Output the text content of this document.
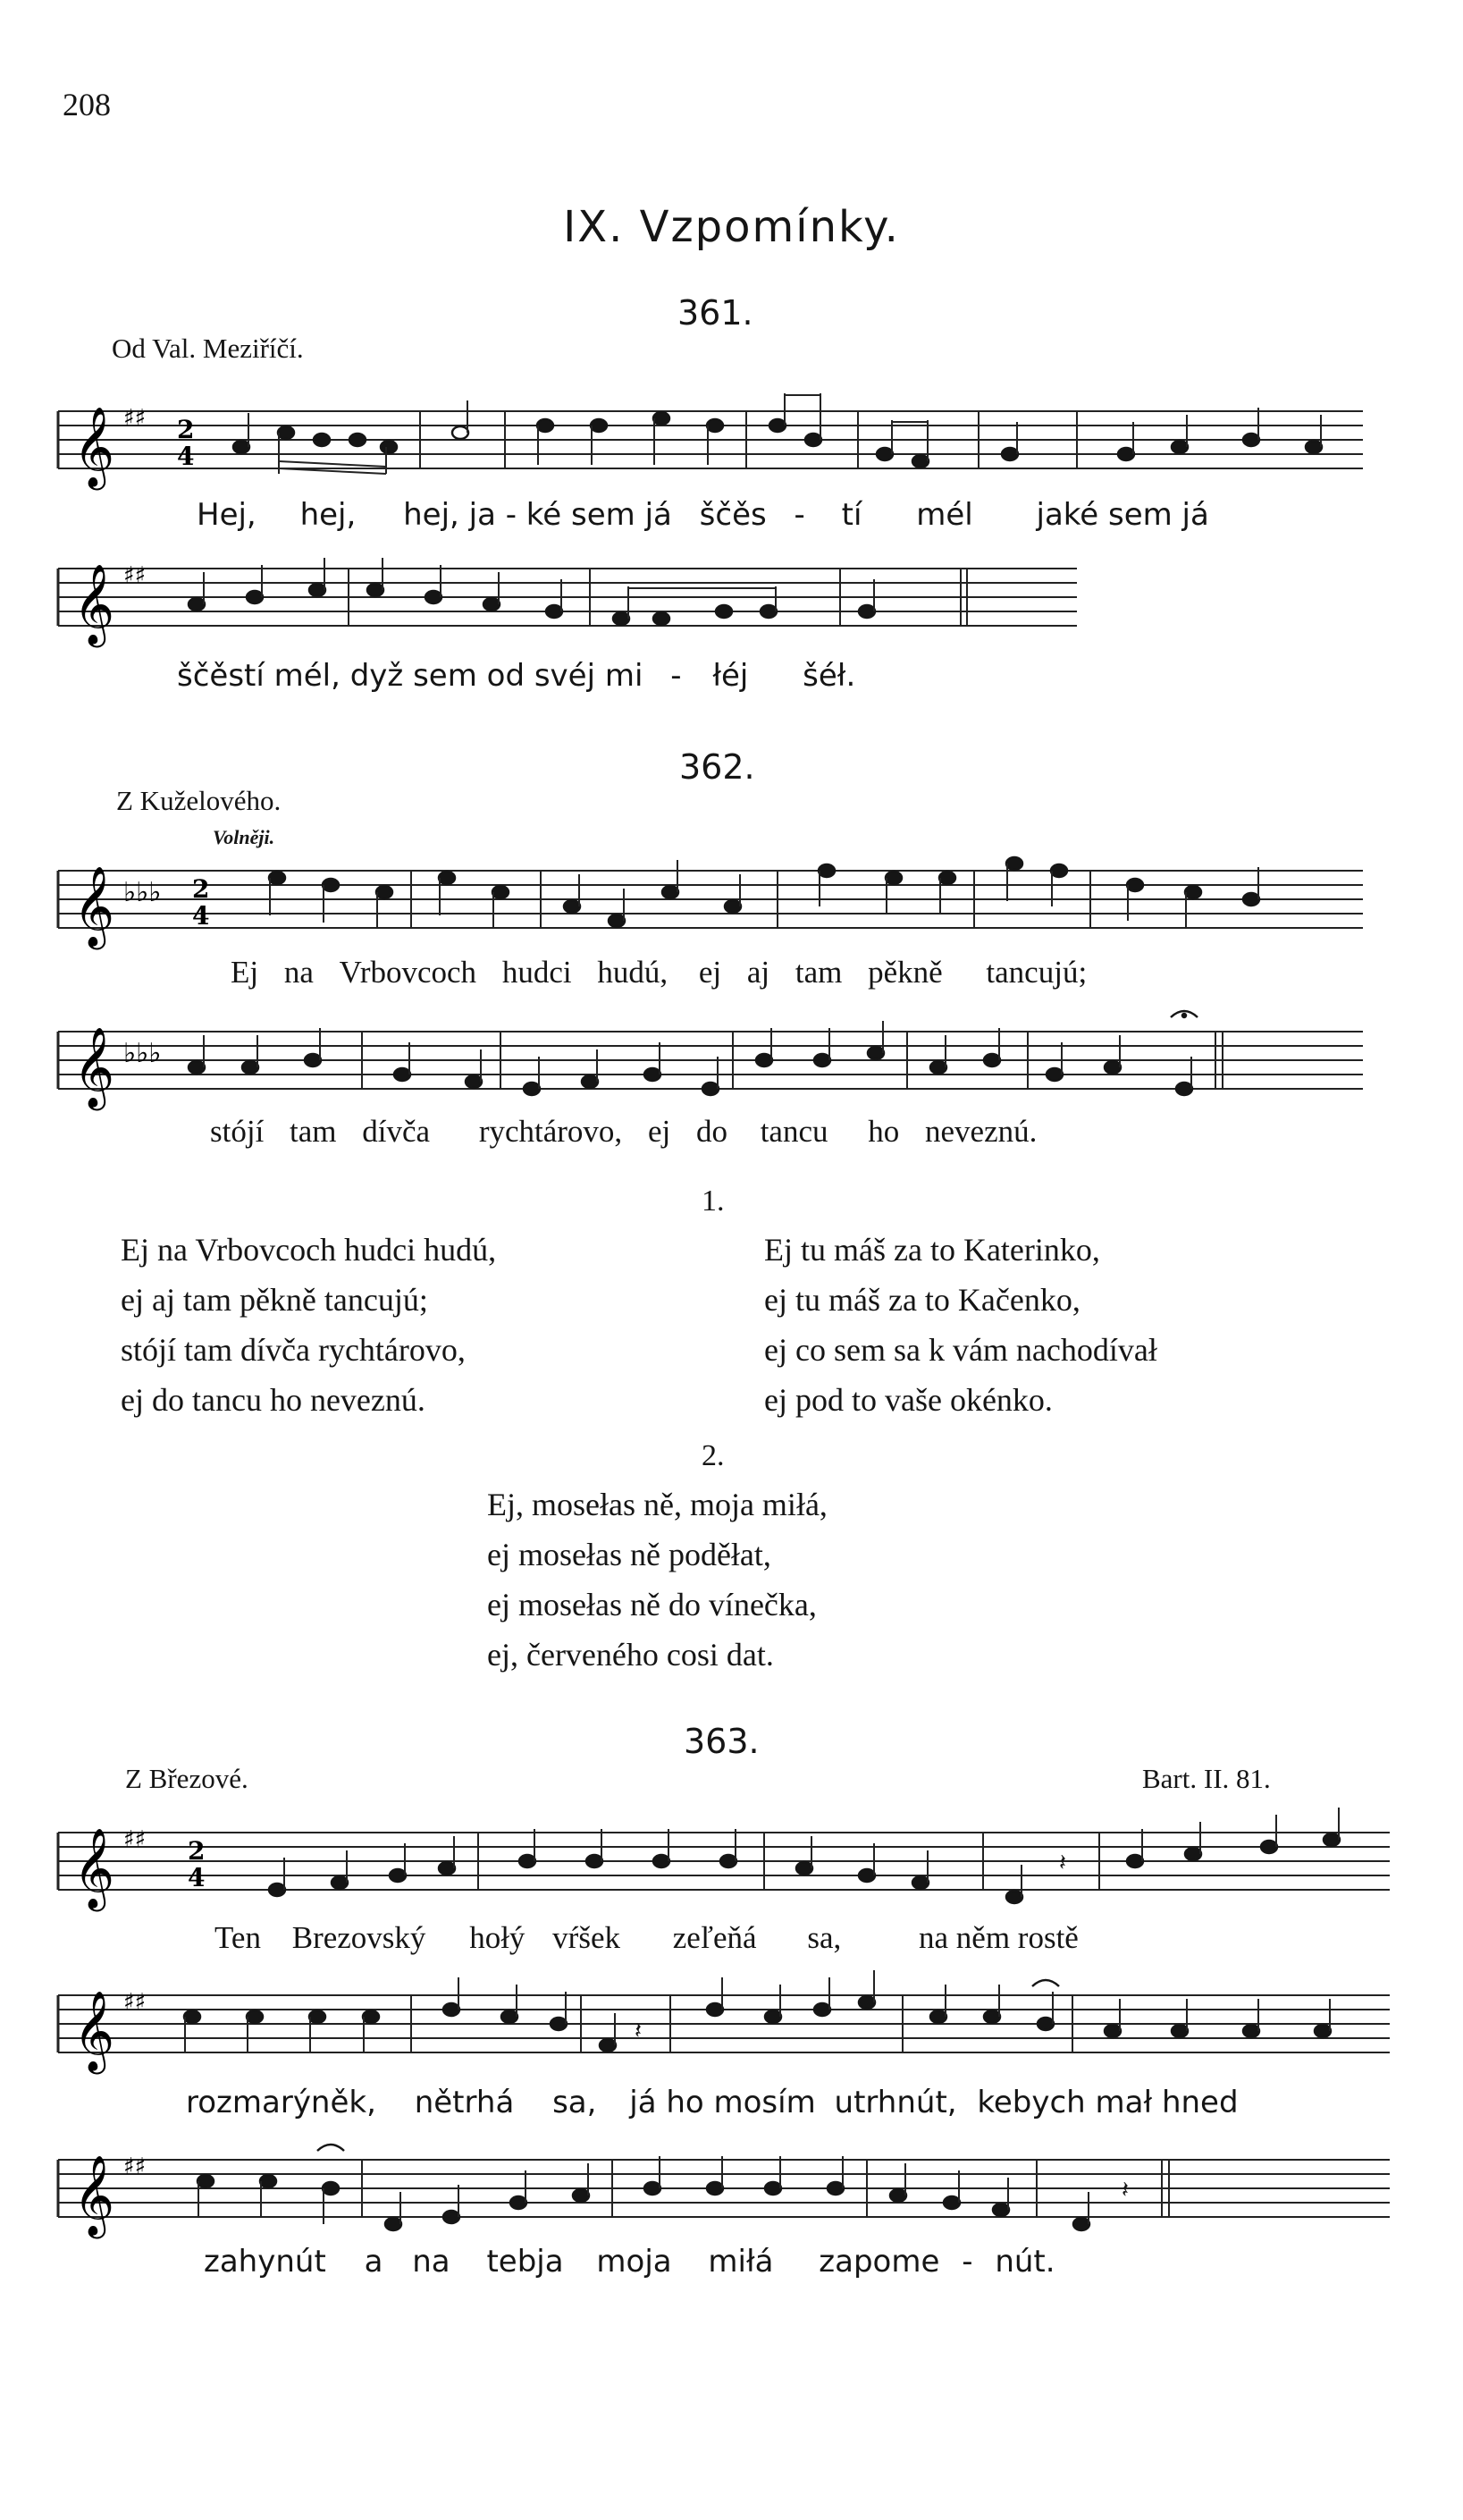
208
IX. Vzpomínky.
361.
Od Val. Meziříčí.
𝄞 ♯♯ 2
4
Hej, hej, hej, ja - ké sem já ščěs - tí mél jaké sem já
𝄞 ♯♯
ščěstí mél, dyž sem od svéj mi - łéj šéł.
362.
Z Kuželového.
Volněji.
𝄞 ♭♭♭ 2
4
Ej na Vrbovcoch hudci hudú, ej aj tam pěkně tancujú;
𝄞 ♭♭♭
stójí tam dívča rychtárovo, ej do tancu ho neveznú.
1.
Ej na Vrbovcoch hudci hudú,
ej aj tam pěkně tancujú;
stójí tam dívča rychtárovo,
ej do tancu ho neveznú.
Ej tu máš za to Katerinko,
ej tu máš za to Kačenko,
ej co sem sa k vám nachodívał
ej pod to vaše okénko.
2.
Ej, mosełas ně, moja miłá,
ej mosełas ně poděłat,
ej mosełas ně do vínečka,
ej, červeného cosi dat.
363.
Z Březové.	Bart. II. 81.
𝄞 ♯♯ 2
4	𝄽
Ten Brezovský hołý vŕšek zeľeňá sa, na něm rostě
𝄞 ♯♯
𝄽
rozmarýněk, nětrhá sa, já ho mosím utrhnút, kebych mał hned
𝄞 ♯♯
𝄽
zahynút a na tebja moja miłá zapome - nút.
